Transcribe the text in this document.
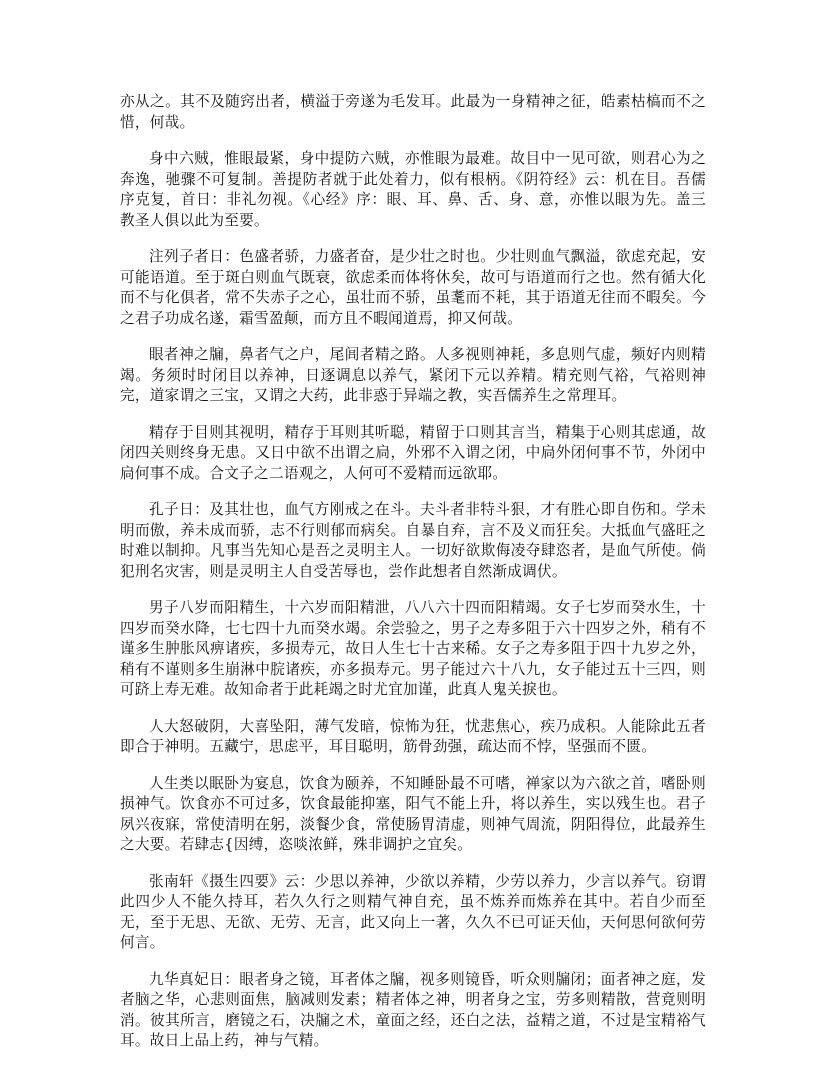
亦从之。其不及随窍出者，横溢于旁遂为毛发耳。此最为一身精神之征，皓素枯槁而不之惜，何哉。

身中六贼，惟眼最紧，身中提防六贼，亦惟眼为最难。故目中一见可欲，则君心为之奔逸，驰骤不可复制。善提防者就于此处着力，似有根柄。《阴符经》云：机在目。吾儒序克复，首日：非礼勿视。《心经》序：眼、耳、鼻、舌、身、意，亦惟以眼为先。盖三教圣人俱以此为至要。

注列子者日：色盛者骄，力盛者奋，是少壮之时也。少壮则血气飘溢，欲虑充起，安可能语道。至于斑白则血气既衰，欲虑柔而体将休矣，故可与语道而行之也。然有循大化而不与化俱者，常不失赤子之心，虽壮而不骄，虽耄而不耗，其于语道无往而不暇矣。今之君子功成名遂，霜雪盈颠，而方且不暇闻道焉，抑又何哉。

眼者神之牖，鼻者气之户，尾闾者精之路。人多视则神耗，多息则气虚，频好内则精竭。务须时时闭目以养神，日逐调息以养气，紧闭下元以养精。精充则气裕，气裕则神完，道家谓之三宝，又谓之大药，此非惑于异端之教，实吾儒养生之常理耳。

精存于目则其视明，精存于耳则其听聪，精留于口则其言当，精集于心则其虑通，故闭四关则终身无患。又日中欲不出谓之扃，外邪不入谓之闭，中扃外闭何事不节，外闭中扃何事不成。合文子之二语观之，人何可不爱精而远欲耶。

孔子日：及其壮也，血气方刚戒之在斗。夫斗者非特斗狠，才有胜心即自伤和。学未明而傲，养未成而骄，志不行则郁而病矣。自暴自弃，言不及义而狂矣。大抵血气盛旺之时难以制抑。凡事当先知心是吾之灵明主人。一切好欲欺侮凌夺肆恣者，是血气所使。倘犯刑名灾害，则是灵明主人自受苦辱也，尝作此想者自然渐成调伏。

男子八岁而阳精生，十六岁而阳精泄，八八六十四而阳精竭。女子七岁而癸水生，十四岁而癸水降，七七四十九而癸水竭。余尝验之，男子之寿多阻于六十四岁之外，稍有不谨多生肿胀风痹诸疾，多损寿元，故日人生七十古来稀。女子之寿多阻于四十九岁之外，稍有不谨则多生崩淋中脘诸疾，亦多损寿元。男子能过六十八九，女子能过五十三四，则可跻上寿无难。故知命者于此耗竭之时尤宜加谨，此真人鬼关捩也。

人大怒破阴，大喜坠阳，薄气发暗，惊怖为狂，忧悲焦心，疾乃成积。人能除此五者即合于神明。五藏宁，思虑平，耳目聪明，筋骨劲强，疏达而不悖，坚强而不匮。

人生类以眠卧为宴息，饮食为颐养，不知睡卧最不可嗜，禅家以为六欲之首，嗜卧则损神气。饮食亦不可过多，饮食最能抑塞，阳气不能上升，将以养生，实以残生也。君子夙兴夜寐，常使清明在躬，淡餐少食，常使肠胃清虚，则神气周流，阴阳得位，此最养生之大要。若肆志{因缚，恣啖浓鲜，殊非调护之宜矣。

张南轩《摄生四要》云：少思以养神，少欲以养精，少劳以养力，少言以养气。窃谓此四少人不能久持耳，若久久行之则精气神自充，虽不炼养而炼养在其中。若自少而至无，至于无思、无欲、无劳、无言，此又向上一著，久久不已可证天仙，天何思何欲何劳何言。

九华真妃日：眼者身之镜，耳者体之牖，视多则镜昏，听众则牖闭；面者神之庭，发者脑之华，心悲则面焦，脑减则发素；精者体之神，明者身之宝，劳多则精散，营竟则明消。彼其所言，磨镜之石，决牖之术，童面之经，还白之法，益精之道，不过是宝精裕气耳。故日上品上药，神与气精。
